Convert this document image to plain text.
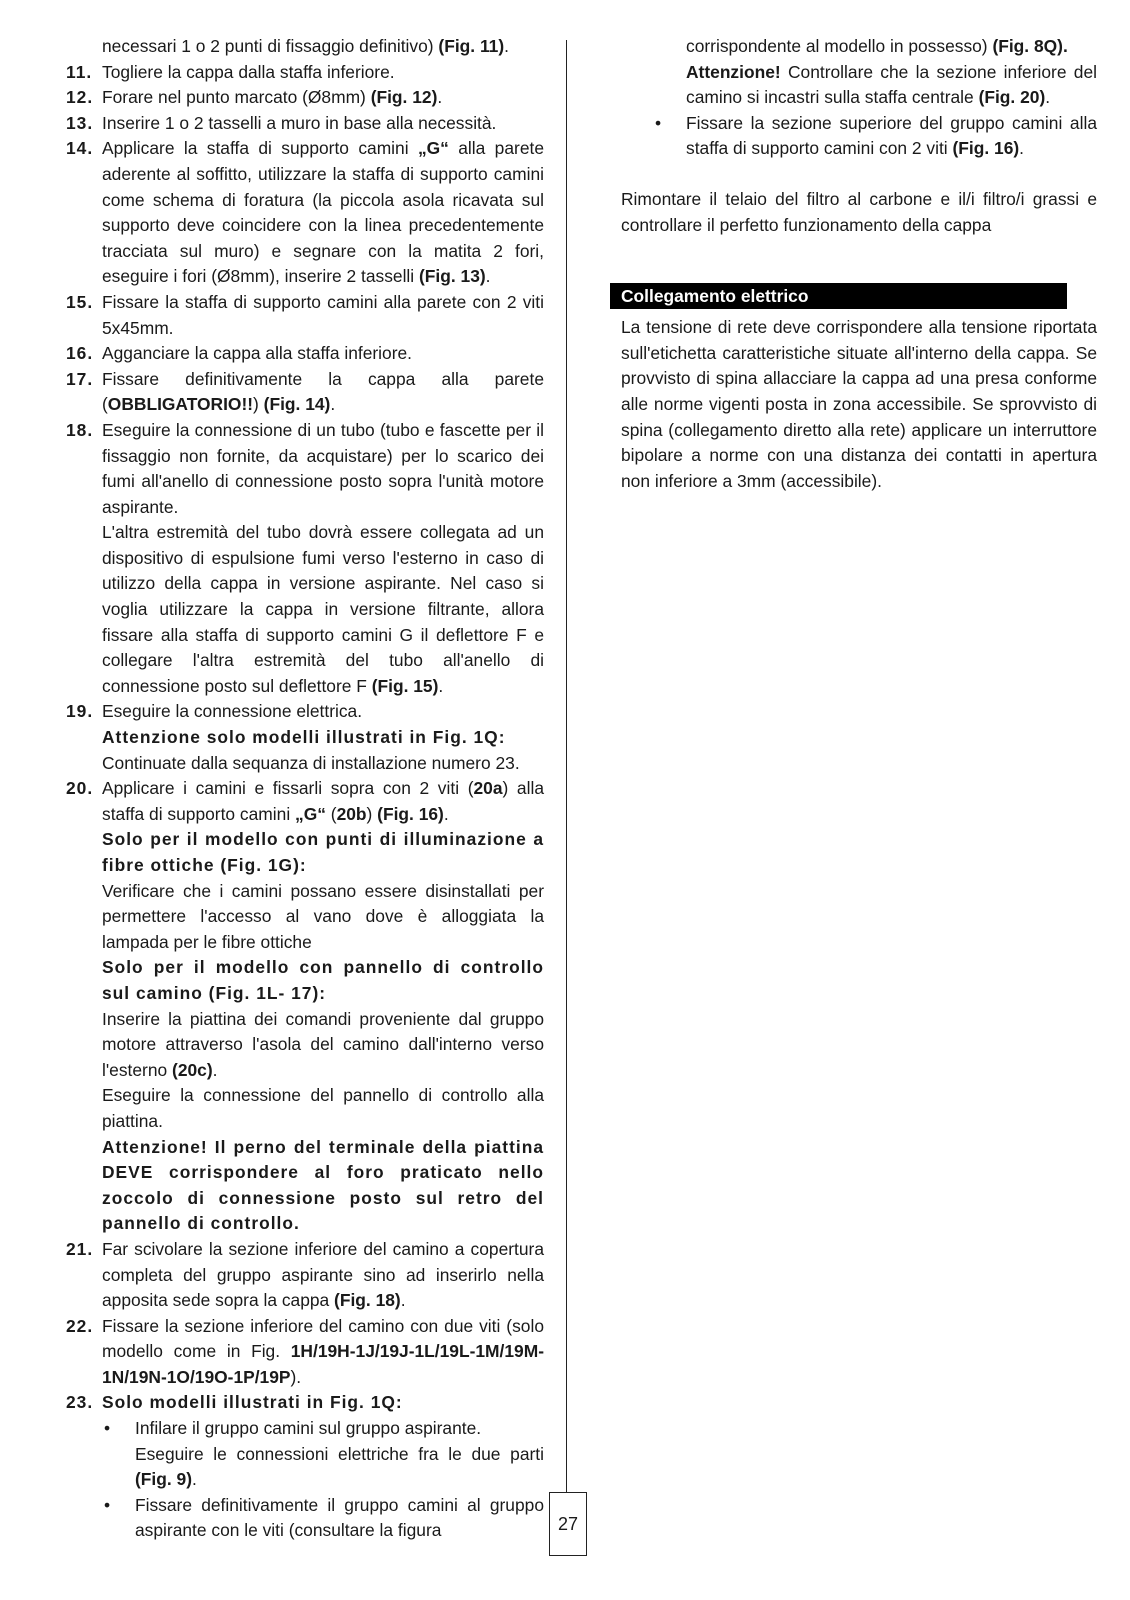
necessari 1 o 2 punti di fissaggio definitivo) (Fig. 11).
11. Togliere la cappa dalla staffa inferiore.
12. Forare nel punto marcato (Ø8mm) (Fig. 12).
13. Inserire 1 o 2 tasselli a muro in base alla necessità.
14. Applicare la staffa di supporto camini „G“ alla parete aderente al soffitto, utilizzare la staffa di supporto camini come schema di foratura (la piccola asola ricavata sul supporto deve coincidere con la linea precedentemente tracciata sul muro) e segnare con la matita 2 fori, eseguire i fori (Ø8mm), inserire 2 tasselli (Fig. 13).
15. Fissare la staffa di supporto camini alla parete con 2 viti 5x45mm.
16. Agganciare la cappa alla staffa inferiore.
17. Fissare definitivamente la cappa alla parete (OBBLIGATORIO!!) (Fig. 14).
18. Eseguire la connessione di un tubo (tubo e fascette per il fissaggio non fornite, da acquistare) per lo scarico dei fumi all'anello di connessione posto sopra l'unità motore aspirante.
L'altra estremità del tubo dovrà essere collegata ad un dispositivo di espulsione fumi verso l'esterno in caso di utilizzo della cappa in versione aspirante. Nel caso si voglia utilizzare la cappa in versione filtrante, allora fissare alla staffa di supporto camini G il deflettore F e collegare l'altra estremità del tubo all'anello di connessione posto sul deflettore F (Fig. 15).
19. Eseguire la connessione elettrica.
Attenzione solo modelli illustrati in Fig. 1Q:
Continuate dalla sequanza di installazione numero 23.
20. Applicare i camini e fissarli sopra con 2 viti (20a) alla staffa di supporto camini „G“ (20b) (Fig. 16).
Solo per il modello con punti di illuminazione a fibre ottiche (Fig. 1G):
Verificare che i camini possano essere disinstallati per permettere l'accesso al vano dove è alloggiata la lampada per le fibre ottiche
Solo per il modello con pannello di controllo sul camino (Fig. 1L- 17):
Inserire la piattina dei comandi proveniente dal gruppo motore attraverso l'asola del camino dall'interno verso l'esterno (20c).
Eseguire la connessione del pannello di controllo alla piattina.
Attenzione! Il perno del terminale della piattina DEVE corrispondere al foro praticato nello zoccolo di connessione posto sul retro del pannello di controllo.
21. Far scivolare la sezione inferiore del camino a copertura completa del gruppo aspirante sino ad inserirlo nella apposita sede sopra la cappa (Fig. 18).
22. Fissare la sezione inferiore del camino con due viti (solo modello come in Fig. 1H/19H-1J/19J-1L/19L-1M/19M-1N/19N-1O/19O-1P/19P).
23. Solo modelli illustrati in Fig. 1Q:
• Infilare il gruppo camini sul gruppo aspirante.
Eseguire le connessioni elettriche fra le due parti (Fig. 9).
• Fissare definitivamente il gruppo camini al gruppo aspirante con le viti (consultare la figura	27
corrispondente al modello in possesso) (Fig. 8Q).
Attenzione! Controllare che la sezione inferiore del camino si incastri sulla staffa centrale (Fig. 20).
• Fissare la sezione superiore del gruppo camini alla staffa di supporto camini con 2 viti (Fig. 16).
Rimontare il telaio del filtro al carbone e il/i filtro/i grassi e controllare il perfetto funzionamento della cappa
Collegamento elettrico
La tensione di rete deve corrispondere alla tensione riportata sull'etichetta caratteristiche situate all'interno della cappa. Se provvisto di spina allacciare la cappa ad una presa conforme alle norme vigenti posta in zona accessibile. Se sprovvisto di spina (collegamento diretto alla rete) applicare un interruttore bipolare a norme con una distanza dei contatti in apertura non inferiore a 3mm (accessibile).
